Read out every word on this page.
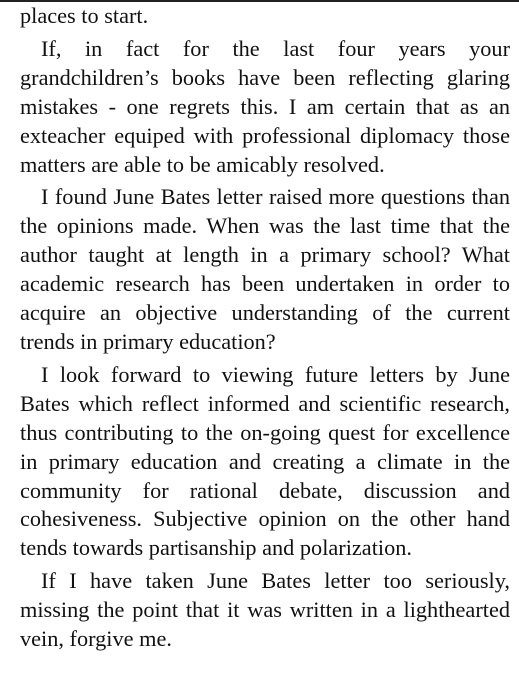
places to start.

If, in fact for the last four years your grandchildren’s books have been reflecting glaring mistakes - one regrets this. I am certain that as an exteacher equiped with professional diplomacy those matters are able to be amicably resolved.

I found June Bates letter raised more questions than the opinions made. When was the last time that the author taught at length in a primary school? What academic research has been undertaken in order to acquire an objective understanding of the current trends in primary education?

I look forward to viewing future letters by June Bates which reflect informed and scientific research, thus contributing to the on-going quest for excellence in primary education and creating a climate in the community for rational debate, discussion and cohesiveness. Subjective opinion on the other hand tends towards partisanship and polarization.

If I have taken June Bates letter too seriously, missing the point that it was written in a lighthearted vein, forgive me.
